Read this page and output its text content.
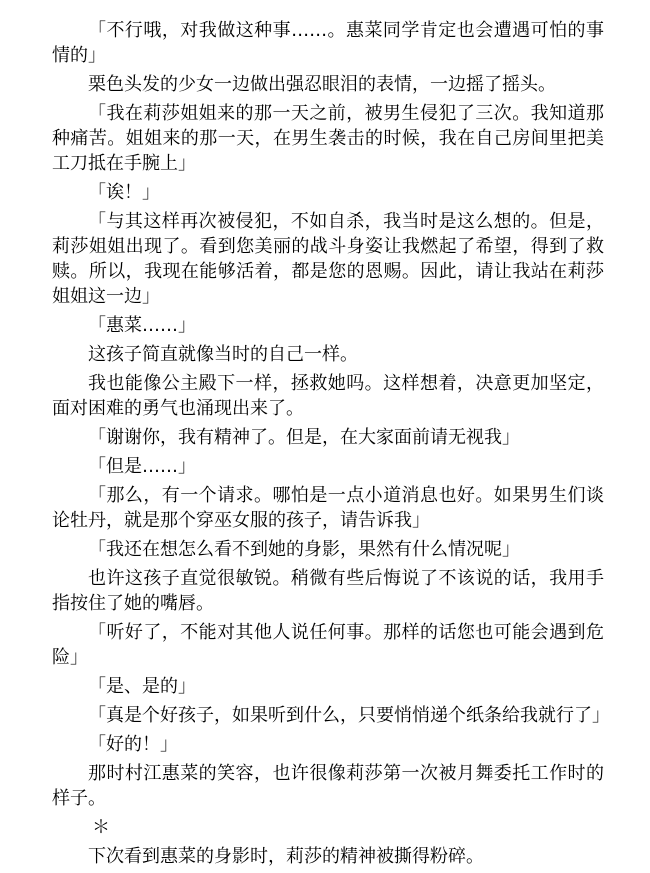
「不行哦，对我做这种事……。惠菜同学肯定也会遭遇可怕的事情的」

栗色头发的少女一边做出强忍眼泪的表情，一边摇了摇头。

「我在莉莎姐姐来的那一天之前，被男生侵犯了三次。我知道那种痛苦。姐姐来的那一天，在男生袭击的时候，我在自己房间里把美工刀抵在手腕上」

「诶！」

「与其这样再次被侵犯，不如自杀，我当时是这么想的。但是，莉莎姐姐出现了。看到您美丽的战斗身姿让我燃起了希望，得到了救赎。所以，我现在能够活着，都是您的恩赐。因此，请让我站在莉莎姐姐这一边」

「惠菜……」

这孩子简直就像当时的自己一样。

我也能像公主殿下一样，拯救她吗。这样想着，决意更加坚定，面对困难的勇气也涌现出来了。

「谢谢你，我有精神了。但是，在大家面前请无视我」

「但是……」

「那么，有一个请求。哪怕是一点小道消息也好。如果男生们谈论牡丹，就是那个穿巫女服的孩子，请告诉我」

「我还在想怎么看不到她的身影，果然有什么情况呢」

也许这孩子直觉很敏锐。稍微有些后悔说了不该说的话，我用手指按住了她的嘴唇。

「听好了，不能对其他人说任何事。那样的话您也可能会遇到危险」

「是、是的」

「真是个好孩子，如果听到什么，只要悄悄递个纸条给我就行了」

「好的！」

那时村江惠菜的笑容，也许很像莉莎第一次被月舞委托工作时的样子。

＊

下次看到惠菜的身影时，莉莎的精神被撕得粉碎。
